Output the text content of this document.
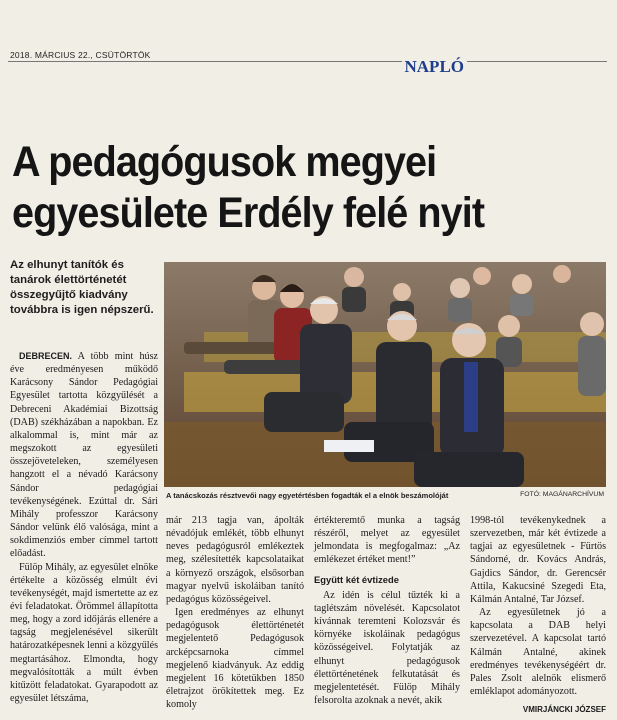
2018. MÁRCIUS 22., CSÜTÖRTÖK
NAPLÓ
A pedagógusok megyei
egyesülete Erdély felé nyit
Az elhunyt tanítók és tanárok élettörténetét összegyűjtő kiadvány továbbra is igen népszerű.
A tanácskozás résztvevői nagy egyetértésben fogadták el a elnök beszámolóját	FOTÓ: MAGÁNARCHÍVUM

DEBRECEN. A több mint húsz éve eredményesen működő Karácsony Sándor Pedagógiai Egyesület tartotta közgyűlését a Debreceni Akadémiai Bizottság (DAB) székházában a napokban. Ez alkalommal is, mint már az megszokott az egyesületi összejöveteleken, személyesen hangzott el a névadó Karácsony Sándor pedagógiai tevékenységének. Ezúttal dr. Sári Mihály professzor Karácsony Sándor velünk élő valósága, mint a sokdimenziós ember címmel tartott előadást.

Fülöp Mihály, az egyesület elnöke értékelte a közösség elmúlt évi tevékenységét, majd ismertette az ez évi feladatokat. Örömmel állapította meg, hogy a zord időjárás ellenére a tagság megjelenésével sikerült határozatképesnek lenni a közgyűlés megtartásához. Elmondta, hogy megvalósították a múlt évben kitűzött feladatokat. Gyarapodott az egyesület létszáma,

már 213 tagja van, ápolták névadójuk emlékét, több elhunyt neves pedagógusról emlékeztek meg, szélesítették kapcsolataikat a környező országok, elsősorban magyar nyelvű iskoláiban tanító pedagógus közösségeivel.

Igen eredményes az elhunyt pedagógusok élettörténetét megjelentető Pedagógusok arcképcsarnoka címmel megjelenő kiadványuk. Az eddig megjelent 16 kötetükben 1850 életrajzot örökítettek meg. Ez komoly

értékteremtő munka a tagság részéről, melyet az egyesület jelmondata is megfogalmaz: „Az emlékezet értéket ment!”

Együtt két évtizede

Az idén is célul tűzték ki a taglétszám növelését. Kapcsolatot kívánnak teremteni Kolozsvár és környéke iskoláinak pedagógus közösségeivel. Folytatják az elhunyt pedagógusok élettörténetének felkutatását és megjelentetését. Fülöp Mihály felsorolta azoknak a nevét, akik

1998-tól tevékenykednek a szervezetben, már két évtizede a tagjai az egyesületnek - Fürtös Sándorné, dr. Kovács András, Gajdics Sándor, dr. Gerencsér Attila, Kakucsiné Szegedi Eta, Kálmán Antalné, Tar József.

Az egyesületnek jó a kapcsolata a DAB helyi szervezetével. A kapcsolat tartó Kálmán Antalné, akinek eredményes tevékenységéért dr. Pales Zsolt alelnök elismerő emléklapot adományozott.

VMIRJÁNCKI JÓZSEF
